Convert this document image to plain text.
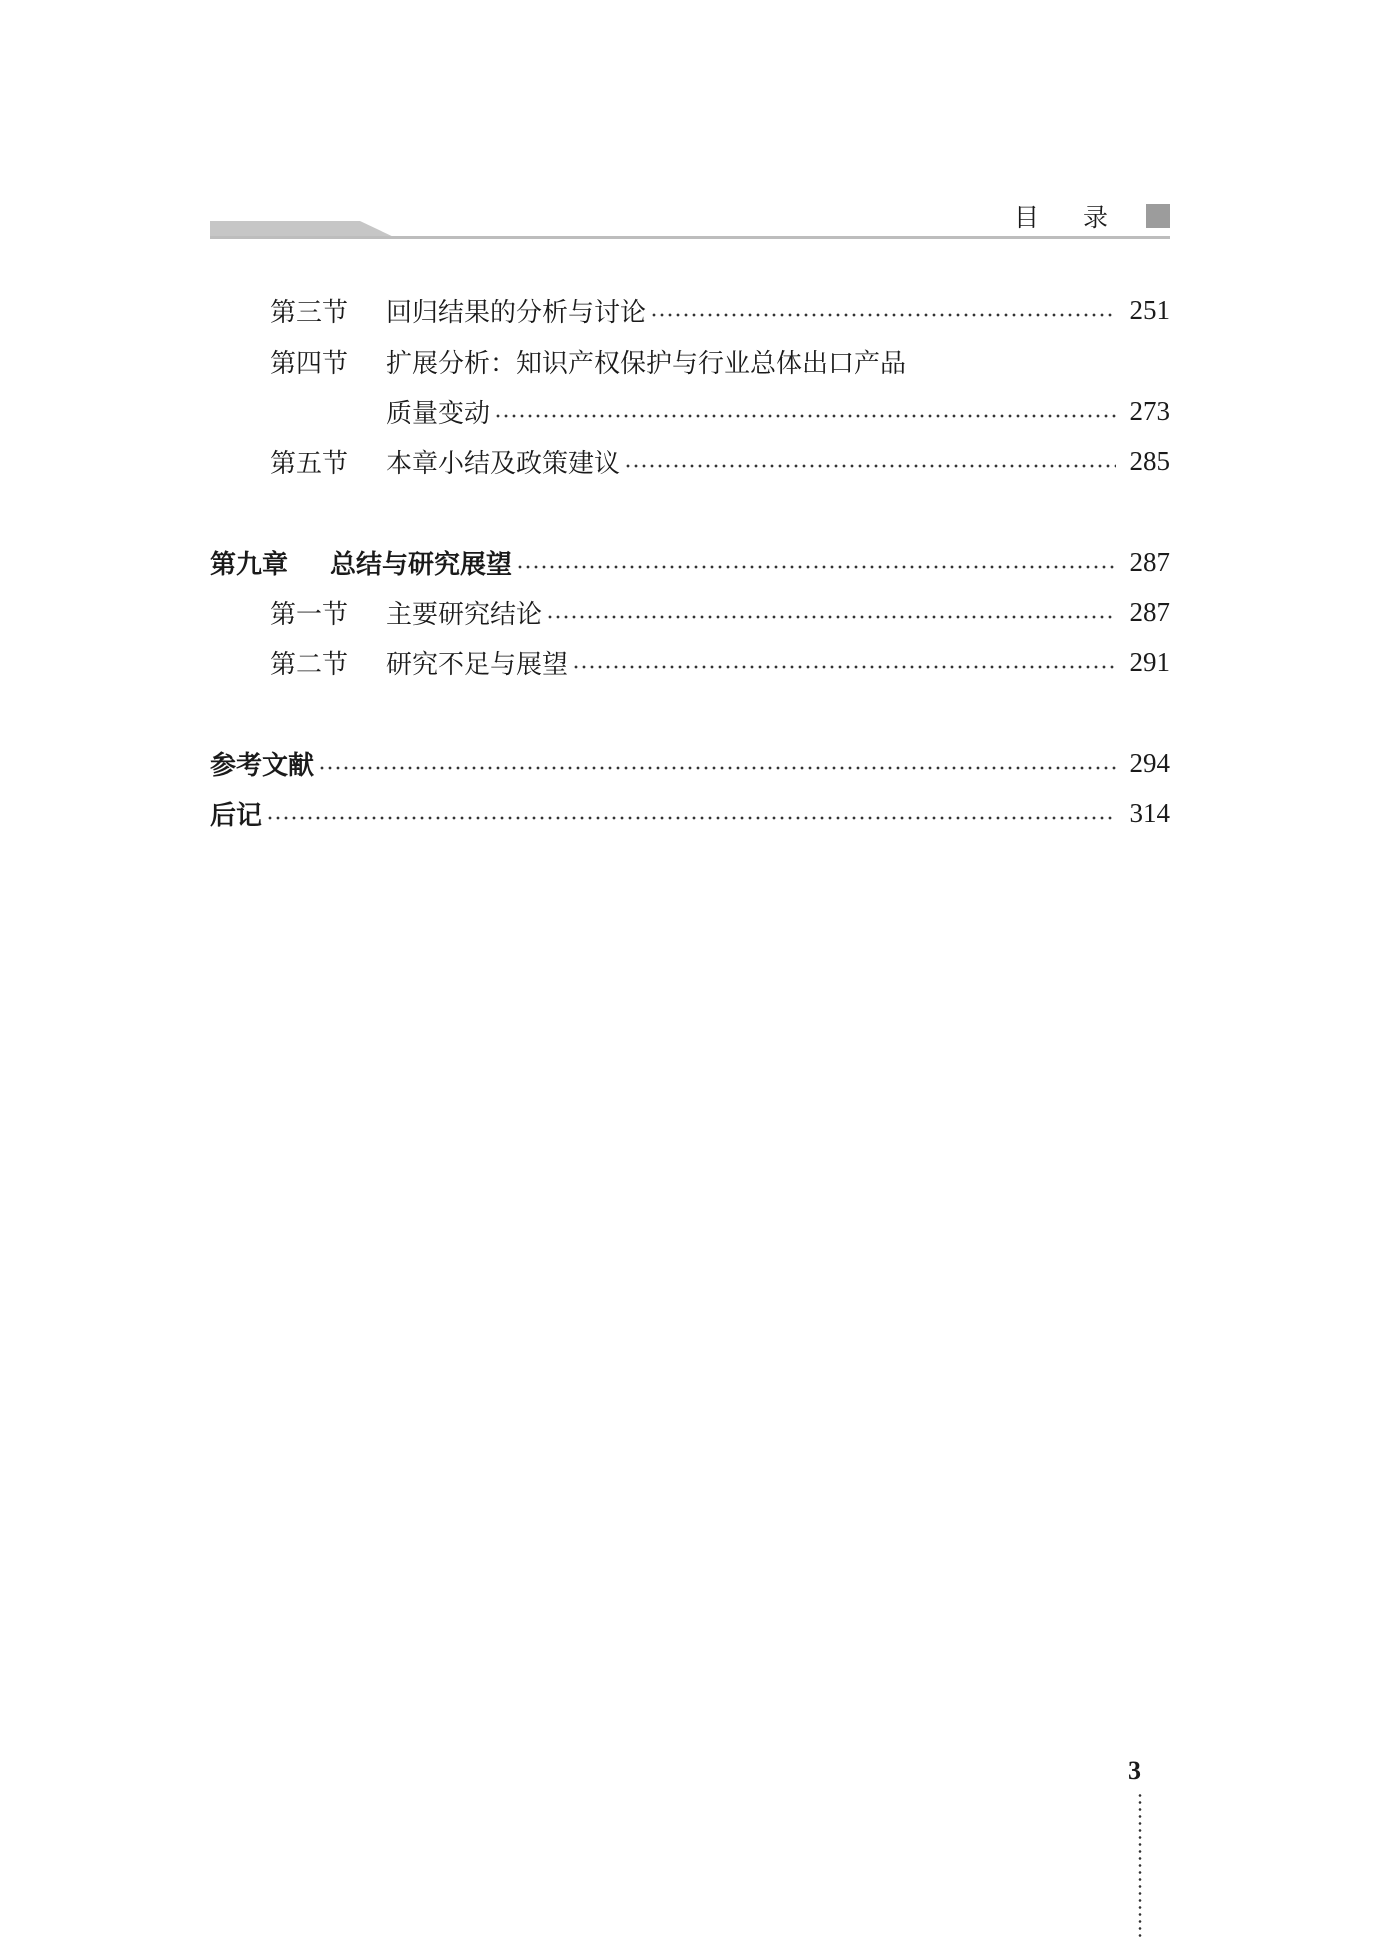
目 录
第三节	回归结果的分析与讨论	251
第四节	扩展分析：知识产权保护与行业总体出口产品
质量变动	273
第五节	本章小结及政策建议	285
第九章	总结与研究展望	287
第一节	主要研究结论	287
第二节	研究不足与展望	291
参考文献	294
后记	314
3
